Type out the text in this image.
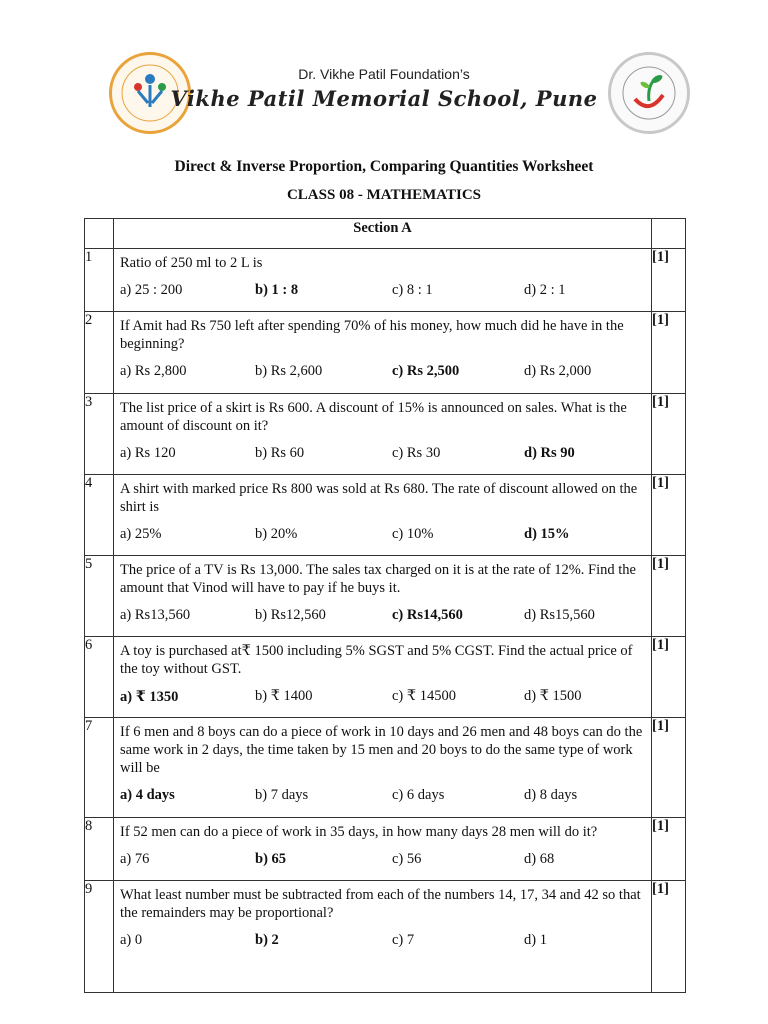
Dr. Vikhe Patil Foundation’s
Vikhe Patil Memorial School, Pune
Direct & Inverse Proportion, Comparing Quantities Worksheet
CLASS 08 - MATHEMATICS
	Section A	
1	Ratio of 250 ml to 2 L is
a) 25 : 200 b) 1 : 8 c) 8 : 1 d) 2 : 1	[1]
2	If Amit had Rs 750 left after spending 70% of his money, how much did he have in the beginning?
a) Rs 2,800 b) Rs 2,600 c) Rs 2,500 d) Rs 2,000	[1]
3	The list price of a skirt is Rs 600. A discount of 15% is announced on sales. What is the amount of discount on it?
a) Rs 120 b) Rs 60 c) Rs 30 d) Rs 90	[1]
4	A shirt with marked price Rs 800 was sold at Rs 680. The rate of discount allowed on the shirt is
a) 25% b) 20% c) 10% d) 15%	[1]
5	The price of a TV is Rs 13,000. The sales tax charged on it is at the rate of 12%. Find the amount that Vinod will have to pay if he buys it.
a) Rs13,560 b) Rs12,560 c) Rs14,560 d) Rs15,560	[1]
6	A toy is purchased at₹ 1500 including 5% SGST and 5% CGST. Find the actual price of the toy without GST.
a) ₹ 1350 b) ₹ 1400 c) ₹ 14500 d) ₹ 1500	[1]
7	If 6 men and 8 boys can do a piece of work in 10 days and 26 men and 48 boys can do the same work in 2 days, the time taken by 15 men and 20 boys to do the same type of work will be
a) 4 days b) 7 days c) 6 days d) 8 days	[1]
8	If 52 men can do a piece of work in 35 days, in how many days 28 men will do it?
a) 76 b) 65 c) 56 d) 68	[1]
9	What least number must be subtracted from each of the numbers 14, 17, 34 and 42 so that the remainders may be proportional?
a) 0 b) 2 c) 7 d) 1	[1]
